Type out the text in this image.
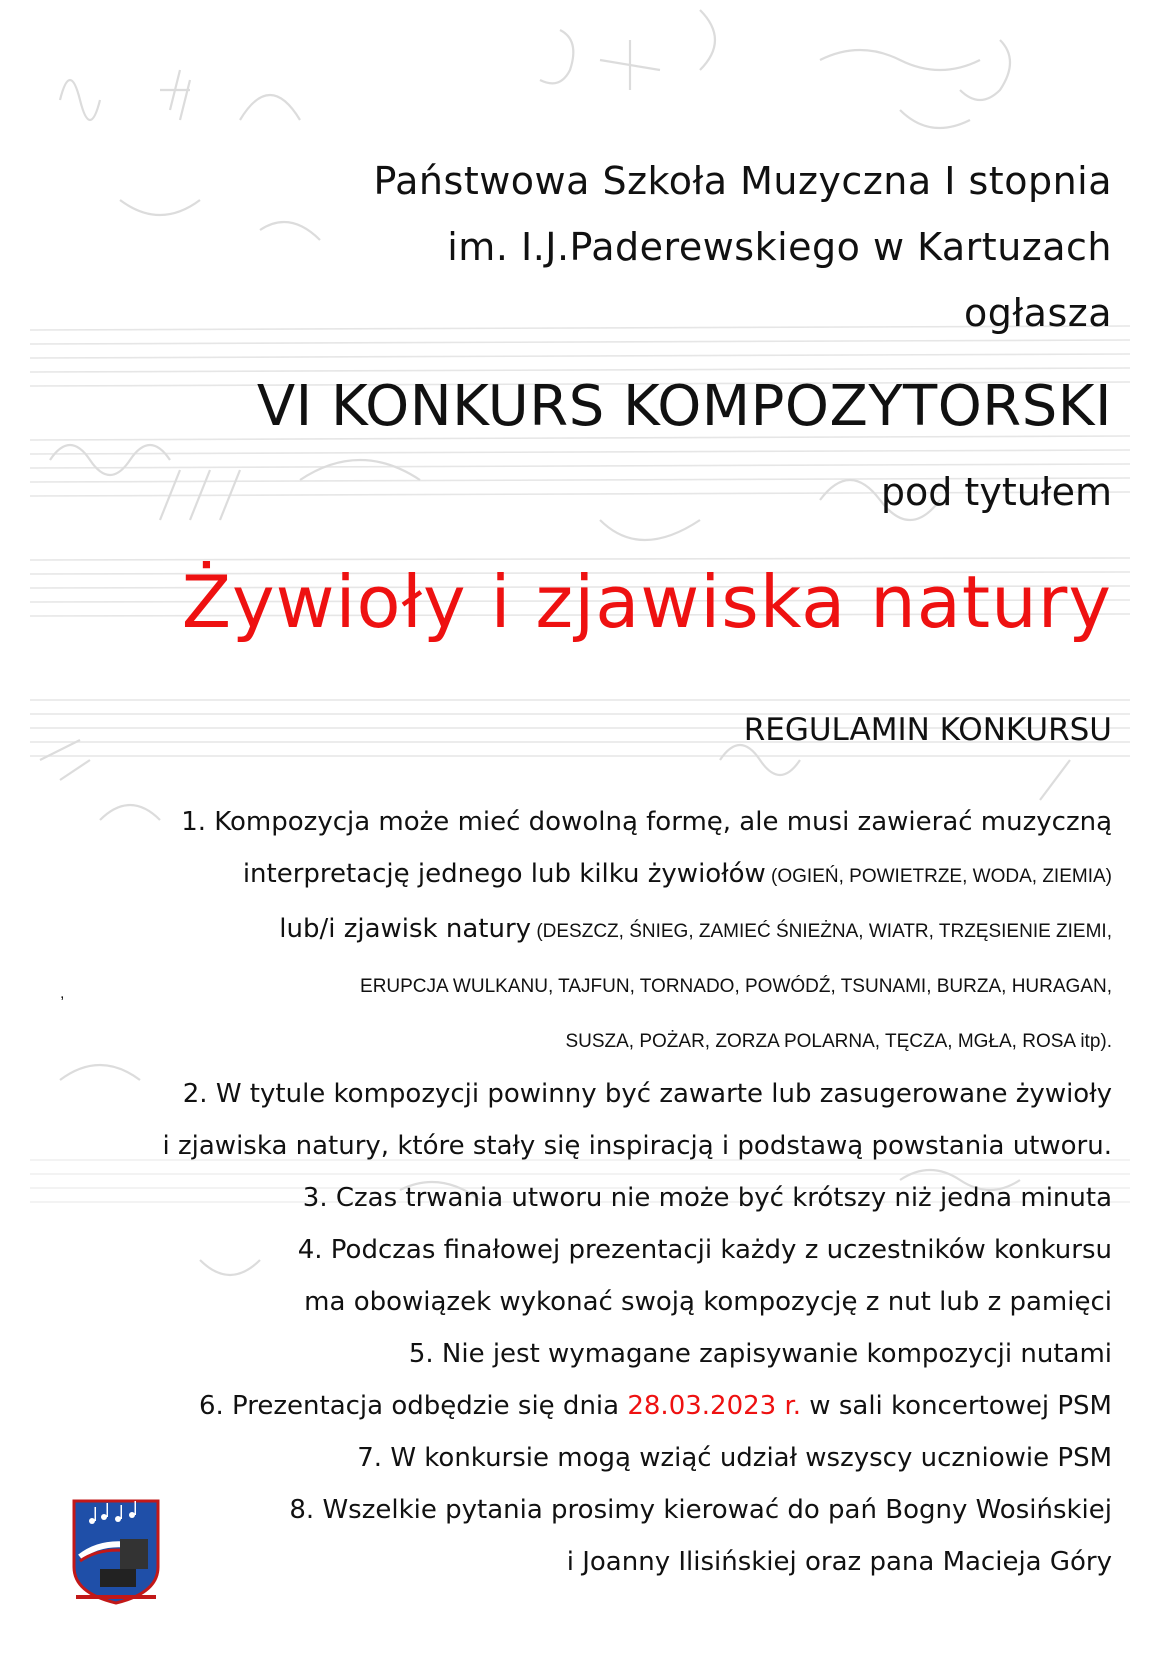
Państwowa Szkoła Muzyczna I stopnia
im. I.J.Paderewskiego w Kartuzach
ogłasza
VI KONKURS KOMPOZYTORSKI
pod tytułem
Żywioły i zjawiska natury
REGULAMIN KONKURSU
1. Kompozycja może mieć dowolną formę, ale musi zawierać muzyczną
interpretację jednego lub kilku żywiołów (OGIEŃ, POWIETRZE, WODA, ZIEMIA)
lub/i zjawisk natury (DESZCZ, ŚNIEG, ZAMIEĆ ŚNIEŻNA, WIATR, TRZĘSIENIE ZIEMI,
ERUPCJA WULKANU, TAJFUN, TORNADO, POWÓDŹ, TSUNAMI, BURZA, HURAGAN,
SUSZA, POŻAR, ZORZA POLARNA, TĘCZA, MGŁA, ROSA itp).
2. W tytule kompozycji powinny być zawarte lub zasugerowane żywioły
i zjawiska natury, które stały się inspiracją i podstawą powstania utworu.
3. Czas trwania utworu nie może być krótszy niż jedna minuta
4. Podczas finałowej prezentacji każdy z uczestników konkursu
ma obowiązek wykonać swoją kompozycję z nut lub z pamięci
5. Nie jest wymagane zapisywanie kompozycji nutami
6. Prezentacja odbędzie się dnia 28.03.2023 r. w sali koncertowej PSM
7. W konkursie mogą wziąć udział wszyscy uczniowie PSM
8. Wszelkie pytania prosimy kierować do pań Bogny Wosińskiej
i Joanny Ilisińskiej oraz pana Macieja Góry
,
